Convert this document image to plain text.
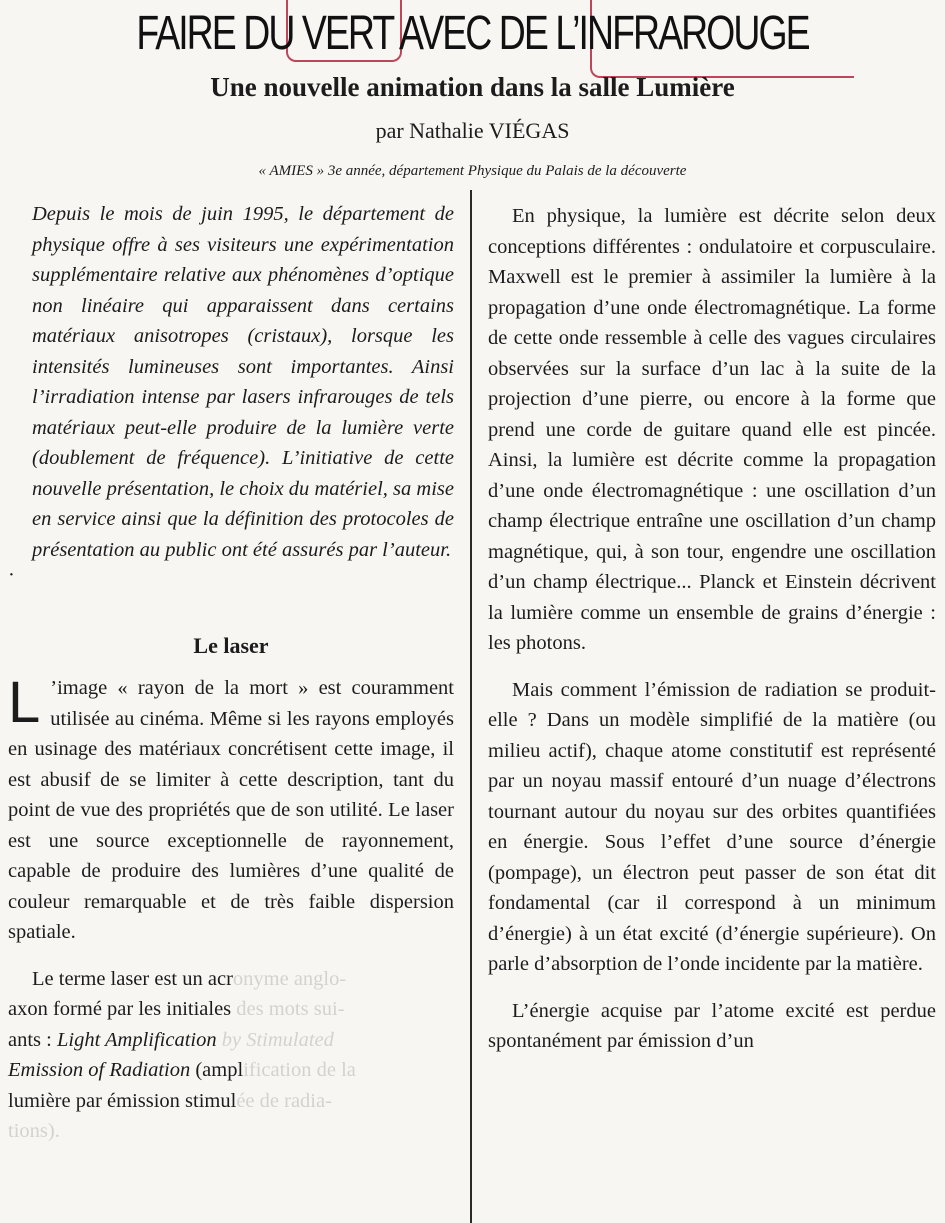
FAIRE DU VERT AVEC DE L’INFRAROUGE
Une nouvelle animation dans la salle Lumière
par Nathalie VIÉGAS
« AMIES » 3e année, département Physique du Palais de la découverte

Depuis le mois de juin 1995, le département de physique offre à ses visiteurs une expérimentation supplémentaire relative aux phénomènes d’optique non linéaire qui apparaissent dans certains matériaux anisotropes (cristaux), lorsque les intensités lumineuses sont importantes. Ainsi l’irradiation intense par lasers infrarouges de tels matériaux peut-elle produire de la lumière verte (doublement de fréquence). L’initiative de cette nouvelle présentation, le choix du matériel, sa mise en service ainsi que la définition des protocoles de présentation au public ont été assurés par l’auteur.

·

Le laser

L ’image « rayon de la mort » est couramment utilisée au cinéma. Même si les rayons employés en usinage des matériaux concrétisent cette image, il est abusif de se limiter à cette description, tant du point de vue des propriétés que de son utilité. Le laser est une source exceptionnelle de rayonnement, capable de produire des lumières d’une qualité de couleur remarquable et de très faible dispersion spatiale.

Le terme laser est un acronyme anglo-
axon formé par les initiales des mots sui-
ants : Light Amplification by Stimulated
Emission of Radiation (amplification de la
lumière par émission stimulée de radia-
tions).

En physique, la lumière est décrite selon deux conceptions différentes : ondulatoire et corpusculaire. Maxwell est le premier à assimiler la lumière à la propagation d’une onde électromagnétique. La forme de cette onde ressemble à celle des vagues circulaires observées sur la surface d’un lac à la suite de la projection d’une pierre, ou encore à la forme que prend une corde de guitare quand elle est pincée. Ainsi, la lumière est décrite comme la propagation d’une onde électromagnétique : une oscillation d’un champ électrique entraîne une oscillation d’un champ magnétique, qui, à son tour, engendre une oscillation d’un champ électrique... Planck et Einstein décrivent la lumière comme un ensemble de grains d’énergie : les photons.

Mais comment l’émission de radiation se produit-elle ? Dans un modèle simplifié de la matière (ou milieu actif), chaque atome constitutif est représenté par un noyau massif entouré d’un nuage d’électrons tournant autour du noyau sur des orbites quantifiées en énergie. Sous l’effet d’une source d’énergie (pompage), un électron peut passer de son état dit fondamental (car il correspond à un minimum d’énergie) à un état excité (d’énergie supérieure). On parle d’absorption de l’onde incidente par la matière.

L’énergie acquise par l’atome excité est perdue spontanément par émission d’un
